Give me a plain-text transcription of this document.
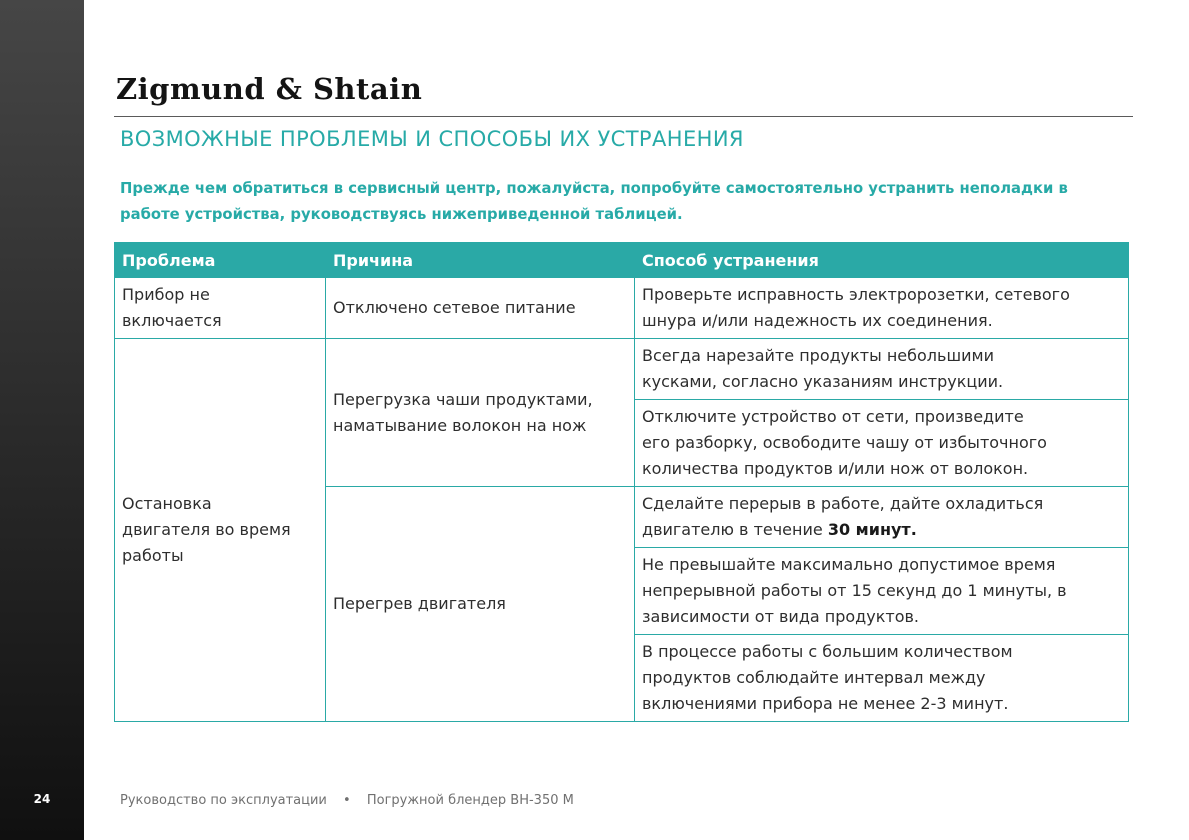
24
Zigmund & Shtain
ВОЗМОЖНЫЕ ПРОБЛЕМЫ И СПОСОБЫ ИХ УСТРАНЕНИЯ
Прежде чем обратиться в сервисный центр, пожалуйста, попробуйте самостоятельно устранить неполадки в
работе устройства, руководствуясь нижеприведенной таблицей.
Проблема	Причина	Способ устранения

Прибор не
включается	Отключено сетевое питание	Проверьте исправность электророзетки, сетевого
шнура и/или надежность их соединения.

Остановка
двигателя во время
работы	Перегрузка чаши продуктами,
наматывание волокон на нож	Всегда нарезайте продукты небольшими
кусками, согласно указаниям инструкции.

		Отключите устройство от сети, произведите
его разборку, освободите чашу от избыточного
количества продуктов и/или нож от волокон.

	Перегрев двигателя	Сделайте перерыв в работе, дайте охладиться
двигателю в течение 30 минут.

		Не превышайте максимально допустимое время
непрерывной работы от 15 секунд до 1 минуты, в
зависимости от вида продуктов.

		В процессе работы с большим количеством
продуктов соблюдайте интервал между
включениями прибора не менее 2-3 минут.
Руководство по эксплуатации • Погружной блендер BH-350 M
